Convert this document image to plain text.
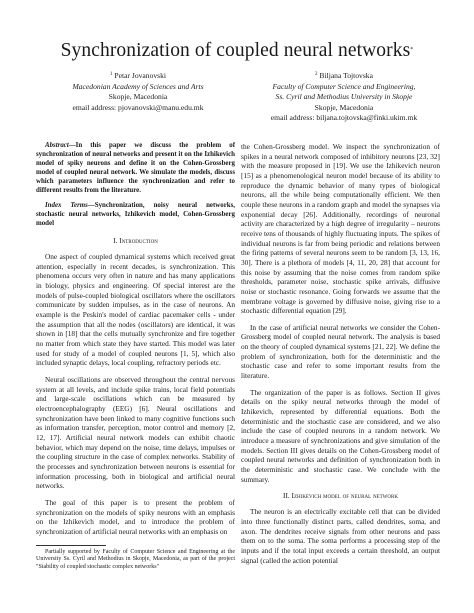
Synchronization of coupled neural networks*
$^1$ Petar Jovanovski
Macedonian Academy of Sciences and Arts
Skopje, Macedonia
email address: pjovanovski@manu.edu.mk
$^2$ Biljana Tojtovska
Faculty of Computer Science and Engineering,
Ss. Cyril and Methodius University in Skopje
Skopje, Macedonia
email address: biljana.tojtovska@finki.ukim.mk

Abstract—In this paper we discuss the problem of synchronization of neural networks and present it on the Izhikevich model of spiky neurons and define it on the Cohen-Grossberg model of coupled neural network. We simulate the models, discuss which parameters influence the synchronization and refer to different results from the literature.

Index Terms—Synchronization, noisy neural networks, stochastic neural networks, Izhikevich model, Cohen-Grossberg model

I. Introduction

One aspect of coupled dynamical systems which received great attention, especially in recent decades, is synchronization. This phenomena occurs very often in nature and has many applications in biology, physics and engineering. Of special interest are the models of pulse-coupled biological oscillators where the oscillators communicate by sudden impulses, as in the case of neurons. An example is the Peskin's model of cardiac pacemaker cells - under the assumption that all the nodes (oscillators) are identical, it was shown in [18] that the cells mutually synchronize and fire together no matter from which state they have started. This model was later used for study of a model of coupled neurons [1, 5], which also included synaptic delays, local coupling, refractory periods etc.

Neural oscillations are observed throughout the central nervous system at all levels, and include spike trains, local field potentials and large-scale oscillations which can be measured by electroencephalography (EEG) [6]. Neural oscillations and synchronization have been linked to many cognitive functions such as information transfer, perception, motor control and memory [2, 12, 17]. Artificial neural network models can exhibit chaotic behavior, which may depend on the noise, time delays, impulses or the coupling structure in the case of complex networks. Stability of the processes and synchronization between neurons is essential for information processing, both in biological and artificial neural networks.

The goal of this paper is to present the problem of synchronization on the models of spiky neurons with an emphasis on the Izhikevich model, and to introduce the problem of synchronization of artificial neural networks with an emphasis on

Partially supported by Faculty of Computer Science and Engineering at the University Ss. Cyril and Methodius in Skopje, Macedonia, as part of the project "Stability of coupled stochastic complex networks"

the Cohen-Grossberg model. We inspect the synchronization of spikes in a neural network composed of inhibitory neurons [23, 32] with the measure proposed in [19]. We use the Izhikevich neuron [15] as a phenomenological neuron model because of its ability to reproduce the dynamic behavior of many types of biological neurons, all the while being computationally efficient. We then couple these neurons in a random graph and model the synapses via exponential decay [26]. Additionally, recordings of neuronal activity are characterized by a high degree of irregularity – neurons receive tens of thousands of highly fluctuating inputs. The spikes of individual neurons is far from being periodic and relations between the firing patterns of several neurons seem to be random [3, 13, 16, 30]. There is a plethora of models [4, 11, 20, 28] that account for this noise by assuming that the noise comes from random spike thresholds, parameter noise, stochastic spike arrivals, diffusive noise or stochastic resonance. Going forwards we assume that the membrane voltage is governed by diffusive noise, giving rise to a stochastic differential equation [29].

In the case of artificial neural networks we consider the Cohen-Grossberg model of coupled neural network. The analysis is based on the theory of coupled dynamical systems [21, 22]. We define the problem of synchronization, both for the deterministic and the stochastic case and refer to some important results from the literature.

The organization of the paper is as follows. Section II gives details on the spiky neural networks through the model of Izhikevich, represented by differential equations. Both the deterministic and the stochastic case are considered, and we also include the case of coupled neurons in a random network. We introduce a measure of synchronizations and give simulation of the models. Section III gives details on the Cohen-Grossberg model of coupled neural networks and definition of synchronization both in the deterministic and stochastic case. We conclude with the summary.

II. Izhikevich model of neural network

The neuron is an electrically excitable cell that can be divided into three functionally distinct parts, called dendrites, soma, and axon. The dendrites receive signals from other neurons and pass them on to the soma. The soma performs a processing step of the inputs and if the total input exceeds a certain threshold, an output signal (called the action potential
